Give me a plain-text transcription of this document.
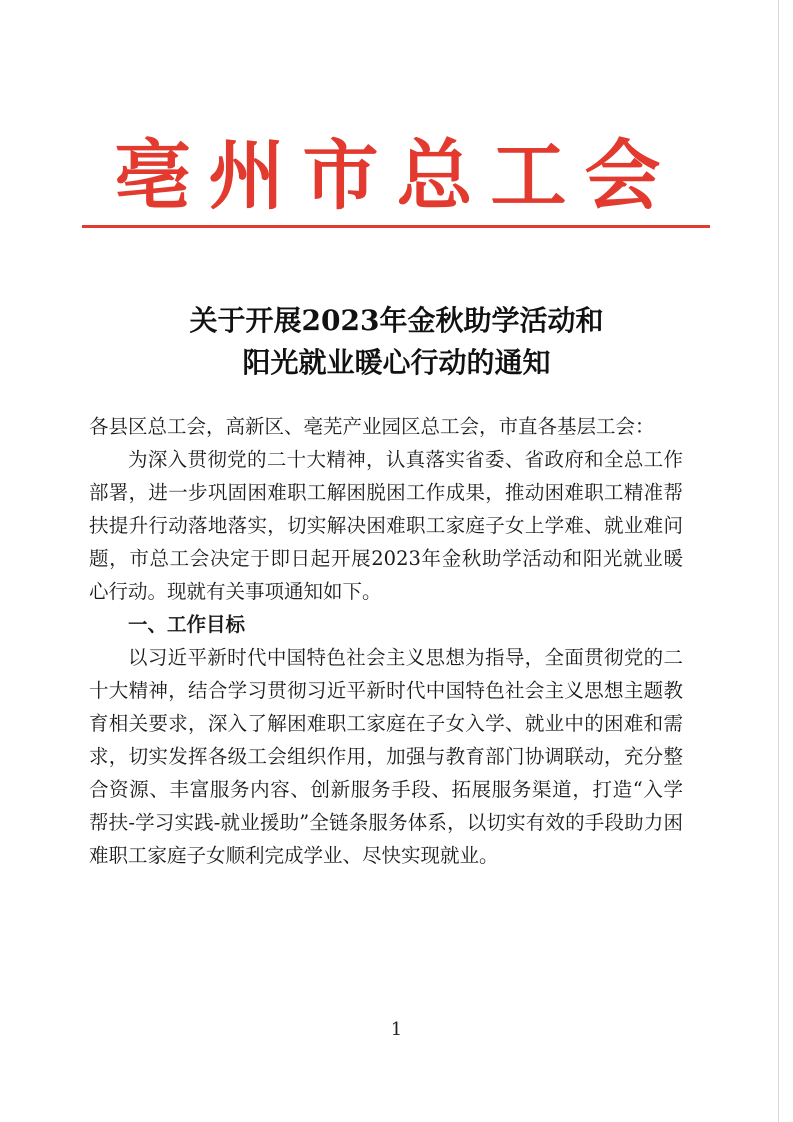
亳州市总工会
关于开展2023年金秋助学活动和
阳光就业暖心行动的通知

各县区总工会，高新区、亳芜产业园区总工会，市直各基层工会：

为深入贯彻党的二十大精神，认真落实省委、省政府和全总工作部署，进一步巩固困难职工解困脱困工作成果，推动困难职工精准帮扶提升行动落地落实，切实解决困难职工家庭子女上学难、就业难问题，市总工会决定于即日起开展2023年金秋助学活动和阳光就业暖心行动。现就有关事项通知如下。

一、工作目标

以习近平新时代中国特色社会主义思想为指导，全面贯彻党的二十大精神，结合学习贯彻习近平新时代中国特色社会主义思想主题教育相关要求，深入了解困难职工家庭在子女入学、就业中的困难和需求，切实发挥各级工会组织作用，加强与教育部门协调联动，充分整合资源、丰富服务内容、创新服务手段、拓展服务渠道，打造“入学帮扶-学习实践-就业援助”全链条服务体系，以切实有效的手段助力困难职工家庭子女顺利完成学业、尽快实现就业。

1
